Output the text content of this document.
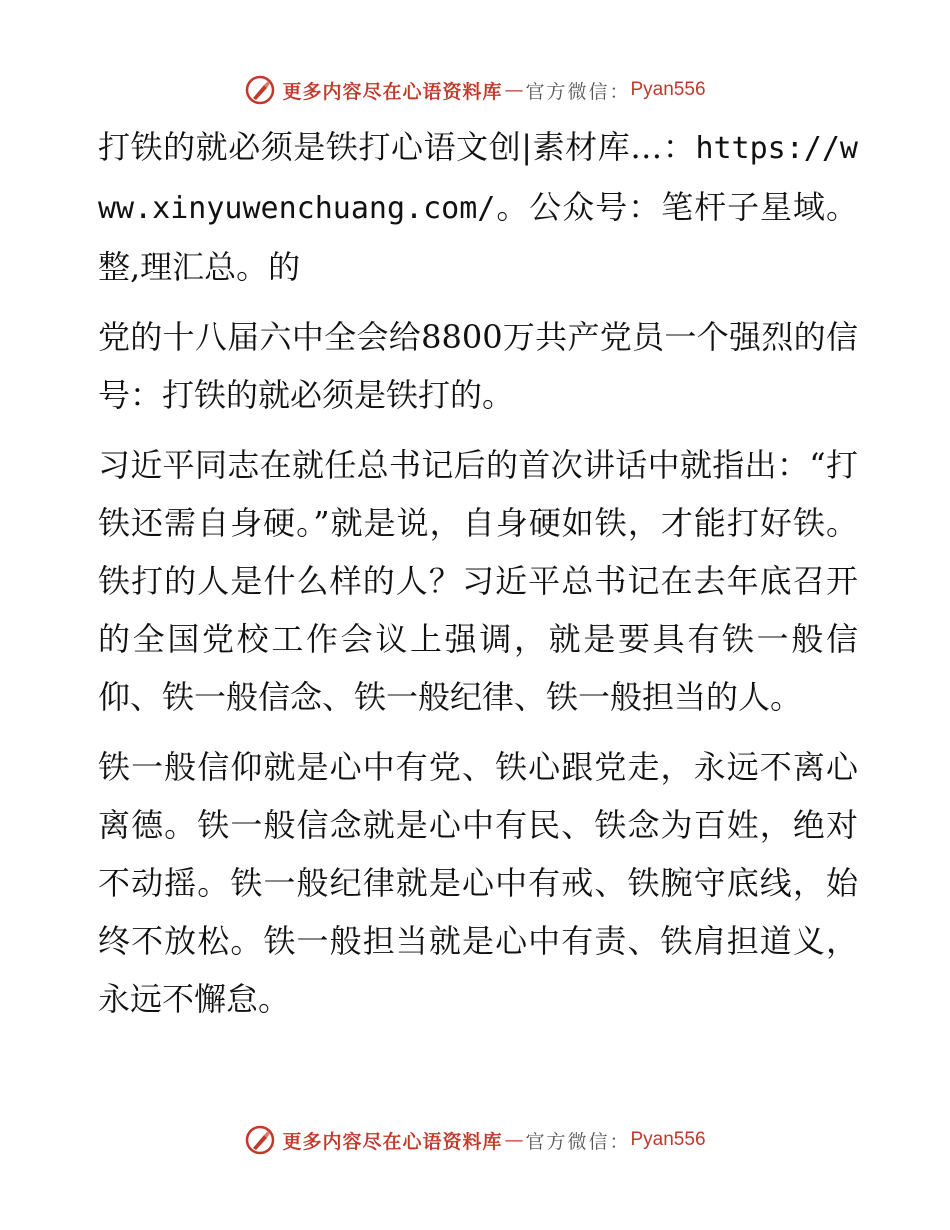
更多内容尽在心语资料库 — 官方微信： Pyan556

打铁的就必须是铁打心语文创|素材库…：https://www.xinyuwenchuang.com/。公众号：笔杆子星域。整,理汇总。的

党的十八届六中全会给8800万共产党员一个强烈的信号：打铁的就必须是铁打的。

习近平同志在就任总书记后的首次讲话中就指出：“打铁还需自身硬。”就是说，自身硬如铁，才能打好铁。铁打的人是什么样的人？习近平总书记在去年底召开的全国党校工作会议上强调，就是要具有铁一般信仰、铁一般信念、铁一般纪律、铁一般担当的人。

铁一般信仰就是心中有党、铁心跟党走，永远不离心离德。铁一般信念就是心中有民、铁念为百姓，绝对不动摇。铁一般纪律就是心中有戒、铁腕守底线，始终不放松。铁一般担当就是心中有责、铁肩担道义，永远不懈怠。

更多内容尽在心语资料库 — 官方微信： Pyan556
